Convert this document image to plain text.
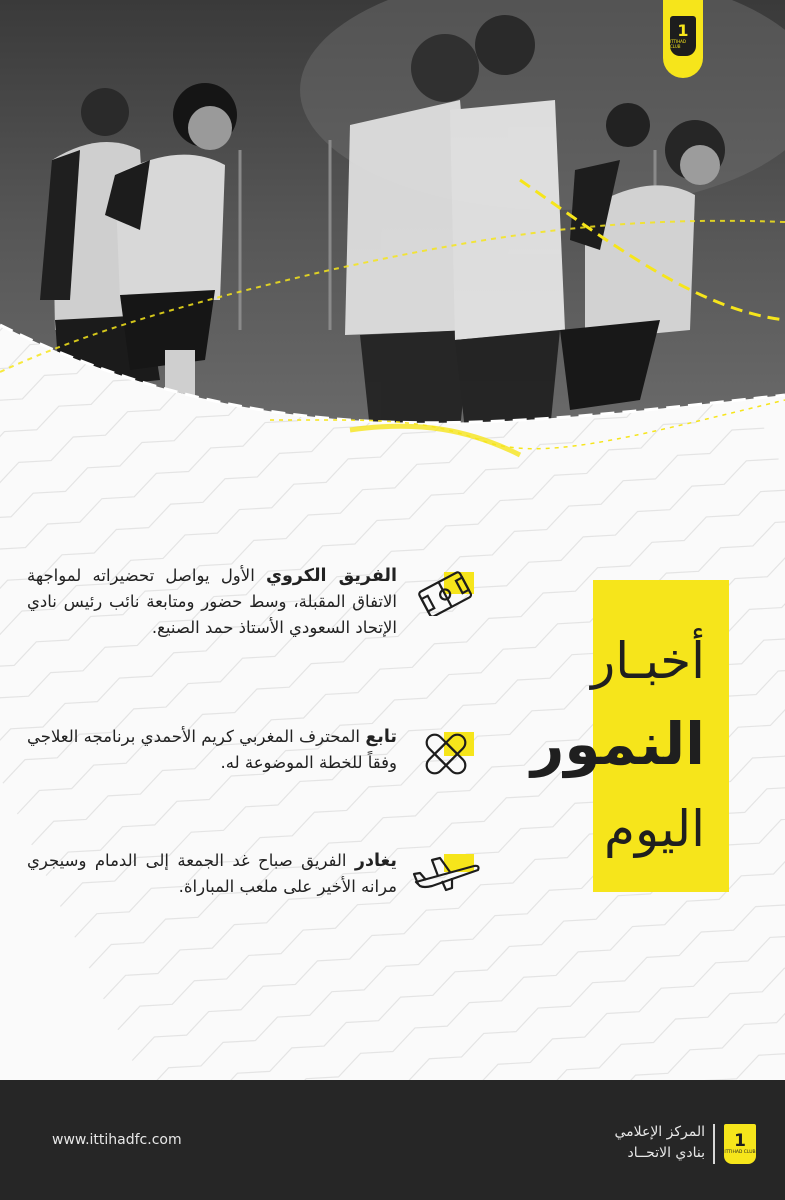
1
ITTIHAD CLUB
أخبـار
النمور
اليوم
الفريق الكروي الأول يواصل تحضيراته لمواجهة الاتفاق المقبلة، وسط حضور ومتابعة نائب رئيس نادي الإتحاد السعودي الأستاذ حمد الصنيع.
تابع المحترف المغربي كريم الأحمدي برنامجه العلاجي وفقاً للخطة الموضوعة له.
يغادر الفريق صباح غد الجمعة إلى الدمام وسيجري مرانه الأخير على ملعب المباراة.
www.ittihadfc.com	المركز الإعلامي
بنادي الاتحــاد
1
ITTIHAD CLUB
